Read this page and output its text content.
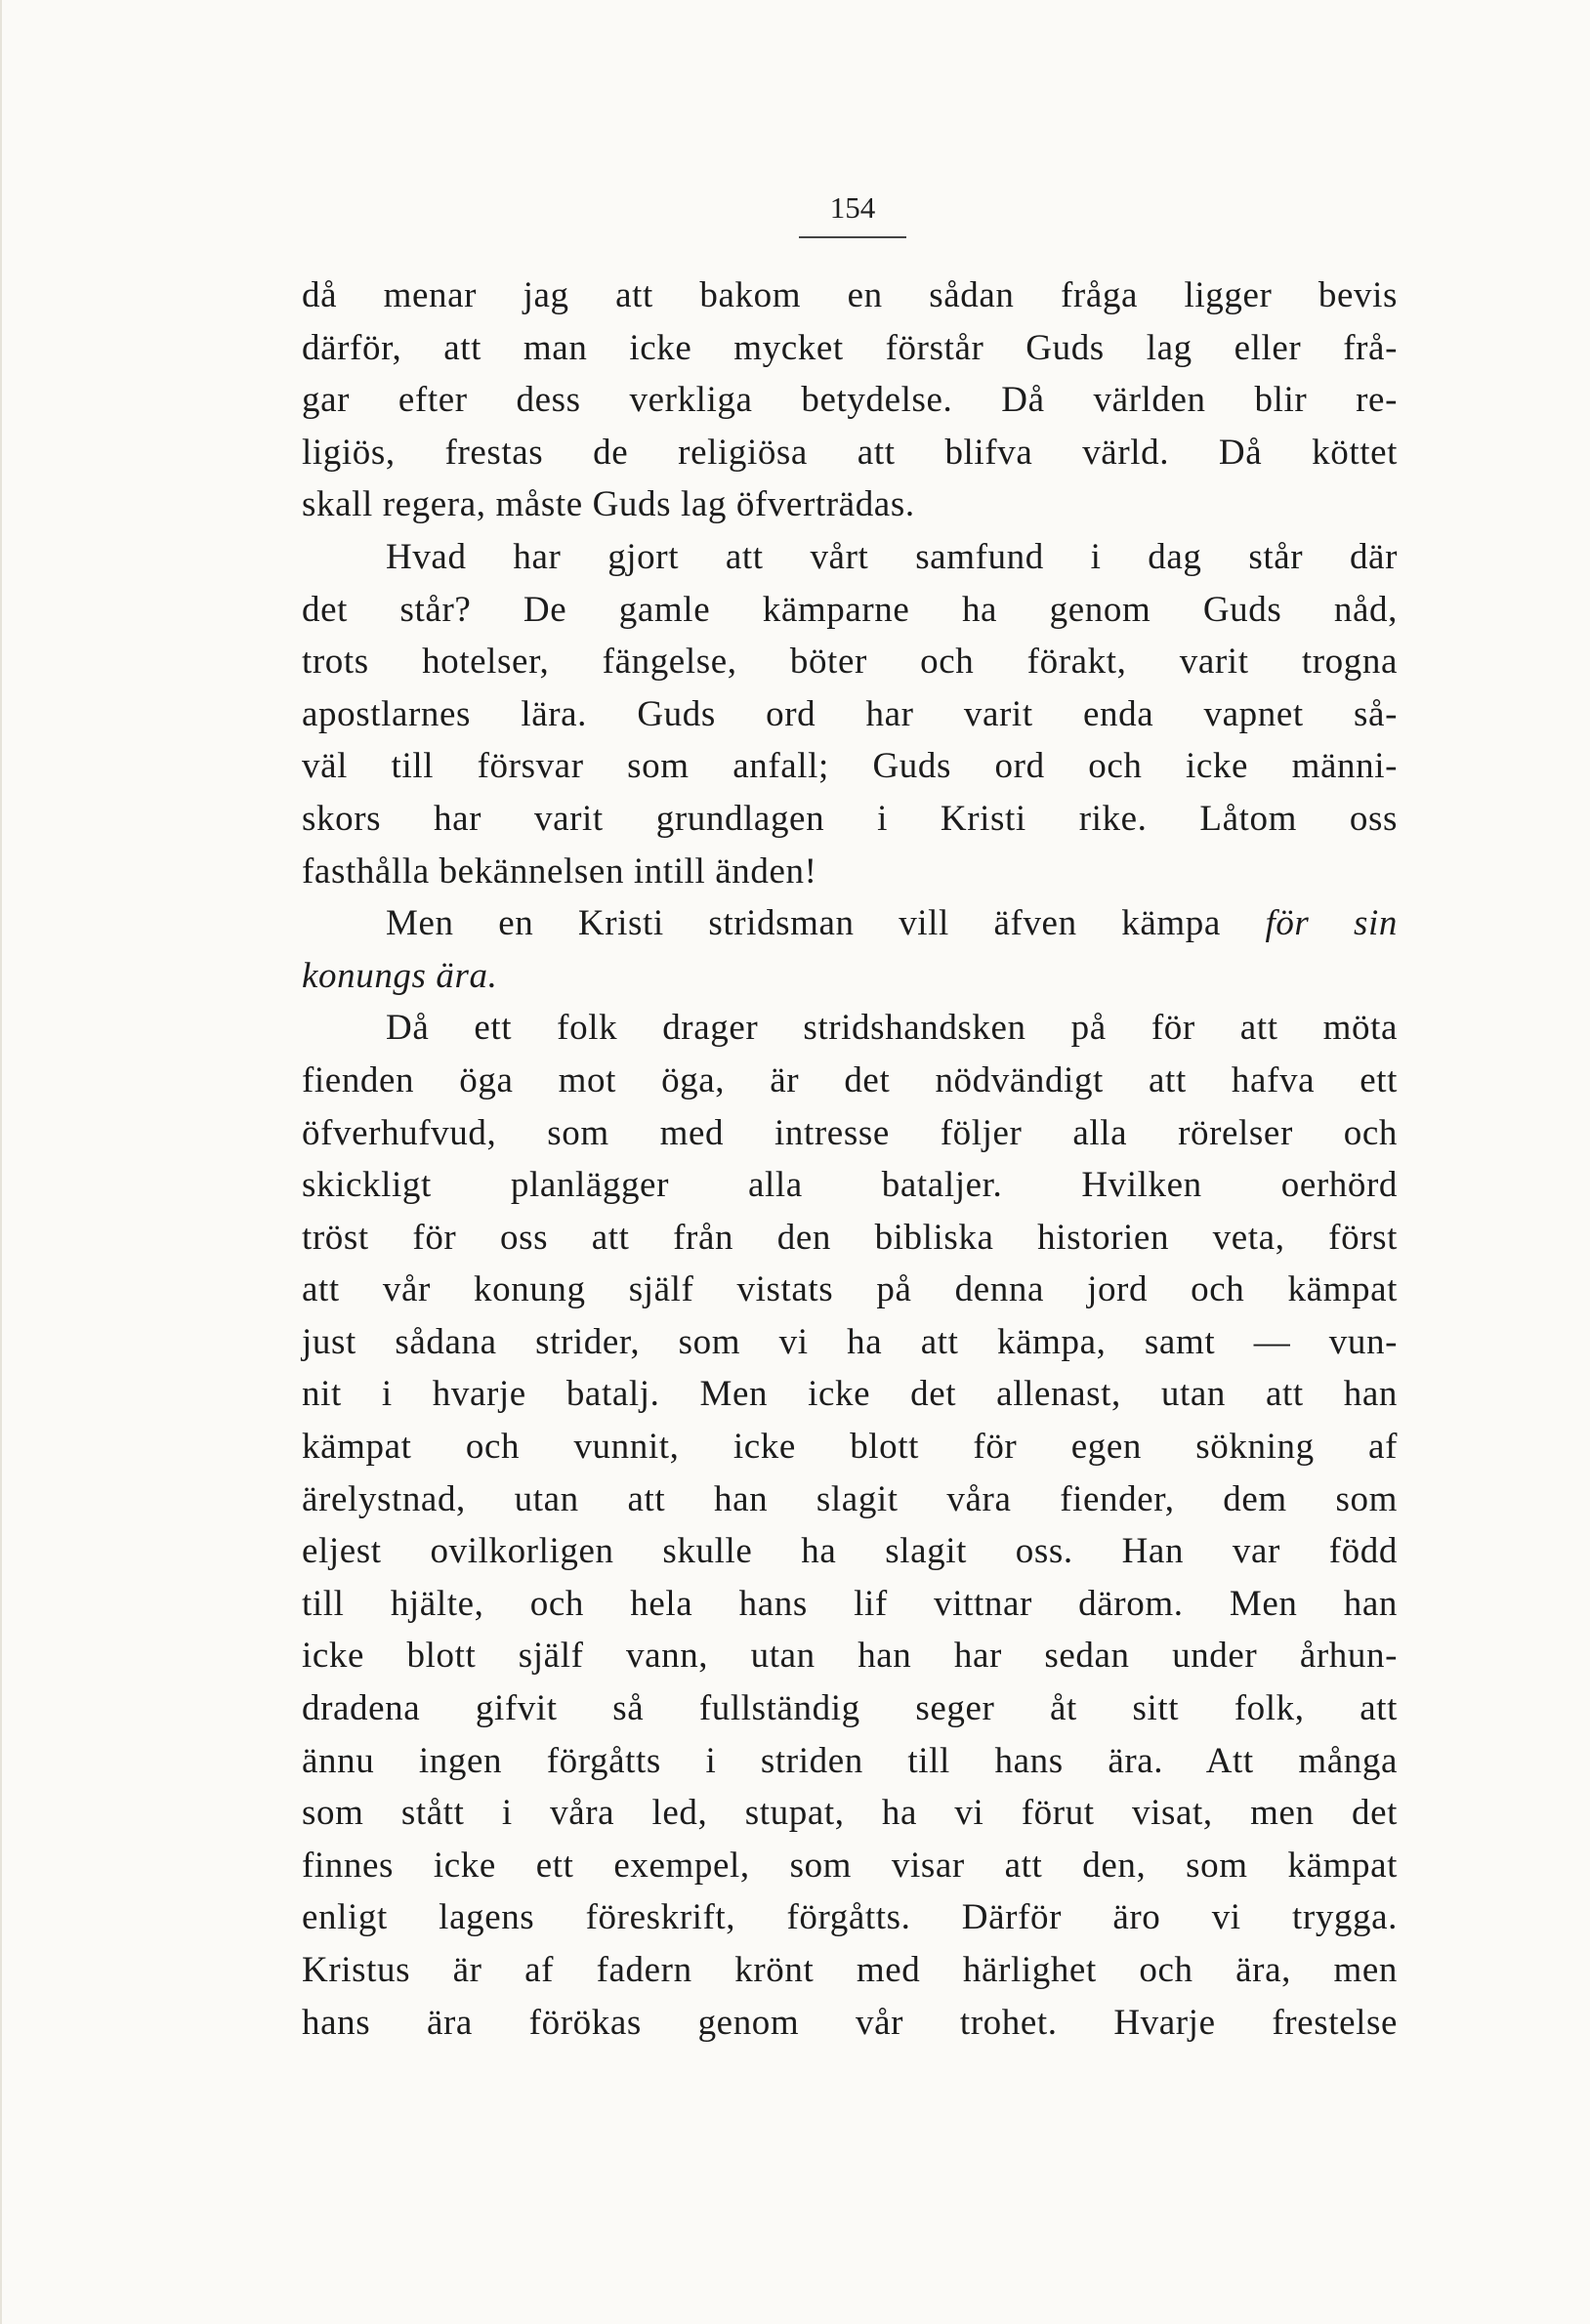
154
då menar jag att bakom en sådan fråga ligger bevis
därför, att man icke mycket förstår Guds lag eller frå-
gar efter dess verkliga betydelse. Då världen blir re-
ligiös, frestas de religiösa att blifva värld. Då köttet
skall regera, måste Guds lag öfverträdas.
Hvad har gjort att vårt samfund i dag står där
det står? De gamle kämparne ha genom Guds nåd,
trots hotelser, fängelse, böter och förakt, varit trogna
apostlarnes lära. Guds ord har varit enda vapnet så-
väl till försvar som anfall; Guds ord och icke männi-
skors har varit grundlagen i Kristi rike. Låtom oss
fasthålla bekännelsen intill änden!
Men en Kristi stridsman vill äfven kämpa för sin
konungs ära.
Då ett folk drager stridshandsken på för att möta
fienden öga mot öga, är det nödvändigt att hafva ett
öfverhufvud, som med intresse följer alla rörelser och
skickligt planlägger alla bataljer. Hvilken oerhörd
tröst för oss att från den bibliska historien veta, först
att vår konung själf vistats på denna jord och kämpat
just sådana strider, som vi ha att kämpa, samt — vun-
nit i hvarje batalj. Men icke det allenast, utan att han
kämpat och vunnit, icke blott för egen sökning af
ärelystnad, utan att han slagit våra fiender, dem som
eljest ovilkorligen skulle ha slagit oss. Han var född
till hjälte, och hela hans lif vittnar därom. Men han
icke blott själf vann, utan han har sedan under århun-
dradena gifvit så fullständig seger åt sitt folk, att
ännu ingen förgåtts i striden till hans ära. Att många
som stått i våra led, stupat, ha vi förut visat, men det
finnes icke ett exempel, som visar att den, som kämpat
enligt lagens föreskrift, förgåtts. Därför äro vi trygga.
Kristus är af fadern krönt med härlighet och ära, men
hans ära förökas genom vår trohet. Hvarje frestelse
